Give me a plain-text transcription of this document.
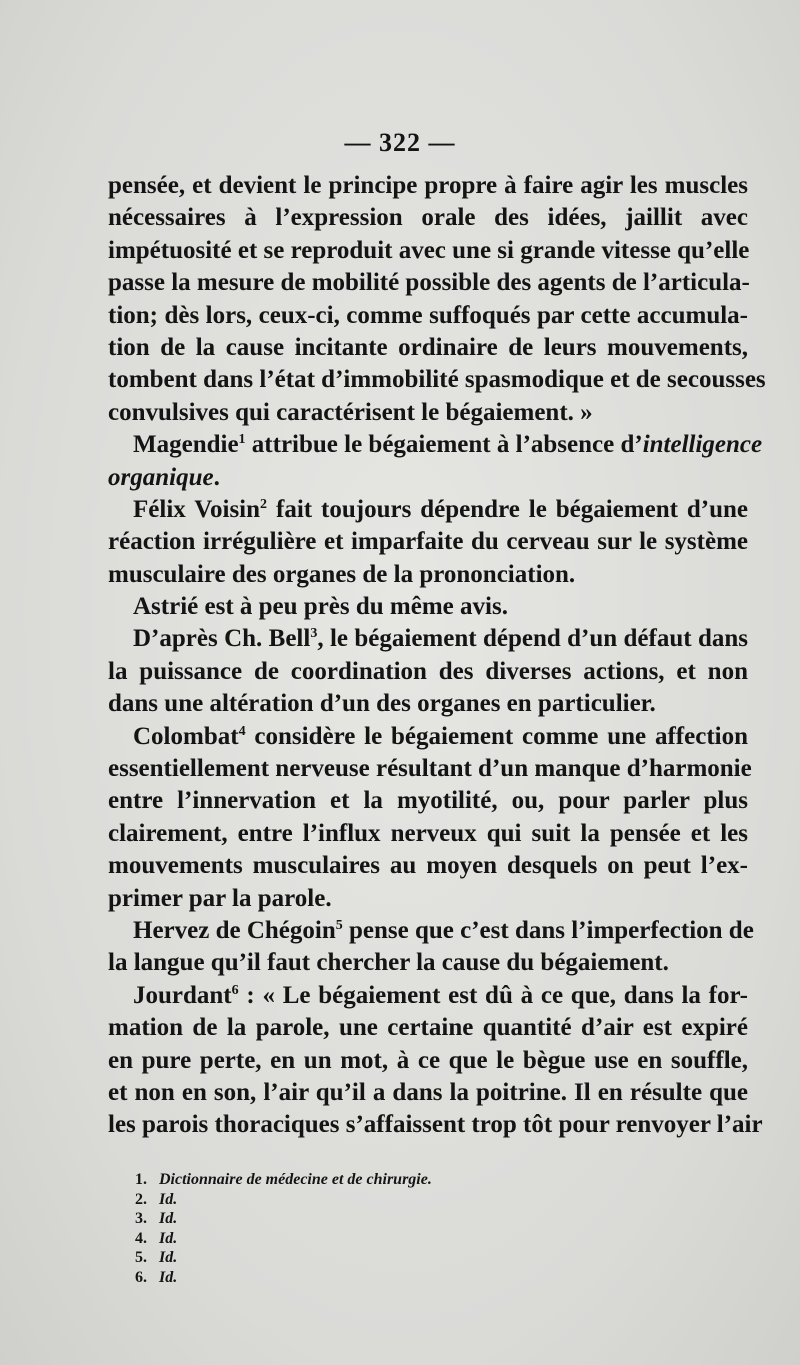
— 322 —
pensée, et devient le principe propre à faire agir les muscles
nécessaires à l’expression orale des idées, jaillit avec
impétuosité et se reproduit avec une si grande vitesse qu’elle
passe la mesure de mobilité possible des agents de l’articula-
tion; dès lors, ceux-ci, comme suffoqués par cette accumula-
tion de la cause incitante ordinaire de leurs mouvements,
tombent dans l’état d’immobilité spasmodique et de secousses
convulsives qui caractérisent le bégaiement. »
Magendie$^1$ attribue le bégaiement à l’absence d’intelligence
organique.
Félix Voisin$^2$ fait toujours dépendre le bégaiement d’une
réaction irrégulière et imparfaite du cerveau sur le système
musculaire des organes de la prononciation.
Astrié est à peu près du même avis.
D’après Ch. Bell$^3$, le bégaiement dépend d’un défaut dans
la puissance de coordination des diverses actions, et non
dans une altération d’un des organes en particulier.
Colombat$^4$ considère le bégaiement comme une affection
essentiellement nerveuse résultant d’un manque d’harmonie
entre l’innervation et la myotilité, ou, pour parler plus
clairement, entre l’influx nerveux qui suit la pensée et les
mouvements musculaires au moyen desquels on peut l’ex-
primer par la parole.
Hervez de Chégoin$^5$ pense que c’est dans l’imperfection de
la langue qu’il faut chercher la cause du bégaiement.
Jourdant$^6$ : « Le bégaiement est dû à ce que, dans la for-
mation de la parole, une certaine quantité d’air est expiré
en pure perte, en un mot, à ce que le bègue use en souffle,
et non en son, l’air qu’il a dans la poitrine. Il en résulte que
les parois thoraciques s’affaissent trop tôt pour renvoyer l’air
1. Dictionnaire de médecine et de chirurgie.
2. Id.
3. Id.
4. Id.
5. Id.
6. Id.
